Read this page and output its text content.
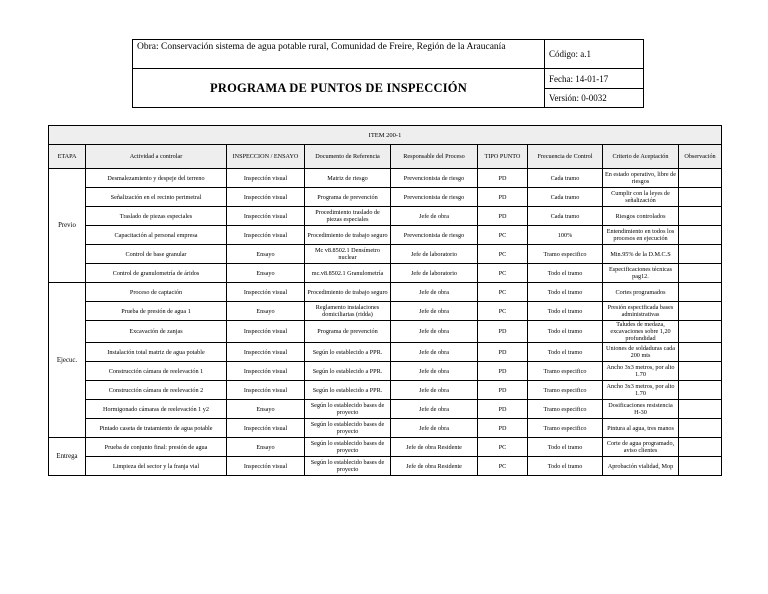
Obra: Conservación sistema de agua potable rural, Comunidad de Freire, Región de la Araucanía	Código: a.1
PROGRAMA DE PUNTOS DE INSPECCIÓN	Fecha: 14-01-17
	Versión: 0-0032
ITEM 200-1								
ETAPA	Actividad a controlar	INSPECCION / ENSAYO	Documento de Referencia	Responsable del Proceso	TIPO PUNTO	Frecuencia de Control	Criterio de Aceptación	Observación
Previo	Desmalezamiento y despeje del terreno	Inspección visual	Matriz de riesgo	Prevencionista de riesgo	PD	Cada tramo	En estado operativo, libre de riesgos	
	Señalización en el recinto perimetral	Inspección visual	Programa de prevención	Prevencionista de riesgo	PD	Cada tramo	Cumplir con la leyes de señalización	
	Traslado de piezas especiales	Inspección visual	Procedimiento traslado de piezas especiales	Jefe de obra	PD	Cada tramo	Riesgos controlados	
	Capacitación al personal empresa	Inspección visual	Procedimiento de trabajo seguro	Prevencionista de riesgo	PC	100%	Entendimiento en todos los procesos en ejecución	
	Control de base granular	Ensayo	Mc v8.8502.1 Densímetro nuclear	Jefe de laboratorio	PC	Tramo especifico	Min.95% de la D.M.C.S	
	Control de granulometría de áridos	Ensayo	mc.v8.8502.1 Granulometría	Jefe de laboratorio	PC	Todo el tramo	Especificaciones técnicas pag12.	
Ejecuc.	Proceso de captación	Inspección visual	Procedimiento de trabajo seguro	Jefe de obra	PC	Todo el tramo	Cortes programados	
	Prueba de presión de agua 1	Ensayo	Reglamento instalaciones domiciliarias (ridda)	Jefe de obra	PC	Todo el tramo	Presión especificada bases administrativas	
	Excavación de zanjas	Inspección visual	Programa de prevención	Jefe de obra	PD	Todo el tramo	Taludes de medaza, excavaciones sobre 1,20 profundidad	
	Instalación total matriz de agua potable	Inspección visual	Según lo establecido a PPR.	Jefe de obra	PD	Todo el tramo	Uniones de soldaduras cada 200 mts	
	Construcción cámara de reelevación 1	Inspección visual	Según lo establecido a PPR.	Jefe de obra	PD	Tramo especifico	Ancho 3x3 metros, por alto 1.70	
	Construcción cámara de reelevación 2	Inspección visual	Según lo establecido a PPR.	Jefe de obra	PD	Tramo especifico	Ancho 3x3 metros, por alto 1.70	
	Hormigonado cámaras de reelevación 1 y2	Ensayo	Según lo establecido bases de proyecto	Jefe de obra	PD	Tramo especifico	Dosificaciones resistencia H-30	
	Pintado caseta de tratamiento de agua potable	Inspección visual	Según lo establecido bases de proyecto	Jefe de obra	PD	Tramo especifico	Pintura al agua, tres manos	
Entrega	Prueba de conjunto final: presión de agua	Ensayo	Según lo establecido bases de proyecto	Jefe de obra Residente	PC	Todo el tramo	Corte de agua programado, aviso clientes	
	Limpieza del sector y la franja vial	Inspección visual	Según lo establecido bases de proyecto	Jefe de obra Residente	PC	Todo el tramo	Aprobación vialidad, Mop	
